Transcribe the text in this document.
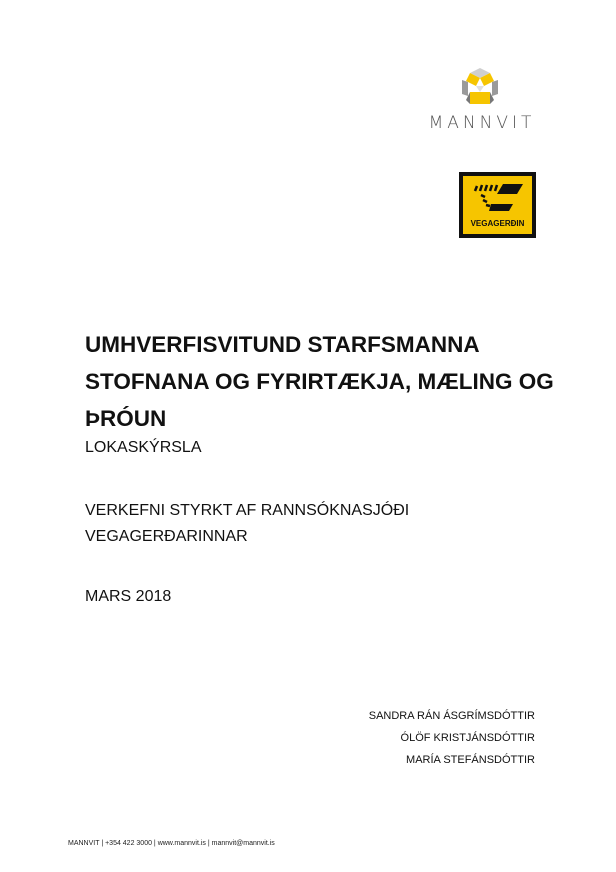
MANNVIT
VEGAGERÐIN
UMHVERFISVITUND STARFSMANNA
STOFNANA OG FYRIRTÆKJA, MÆLING OG
ÞRÓUN
LOKASKÝRSLA
VERKEFNI STYRKT AF RANNSÓKNASJÓÐI
VEGAGERÐARINNAR
MARS 2018
SANDRA RÁN ÁSGRÍMSDÓTTIR
ÓLÖF KRISTJÁNSDÓTTIR
MARÍA STEFÁNSDÓTTIR
MANNVIT | +354 422 3000 | www.mannvit.is | mannvit@mannvit.is
